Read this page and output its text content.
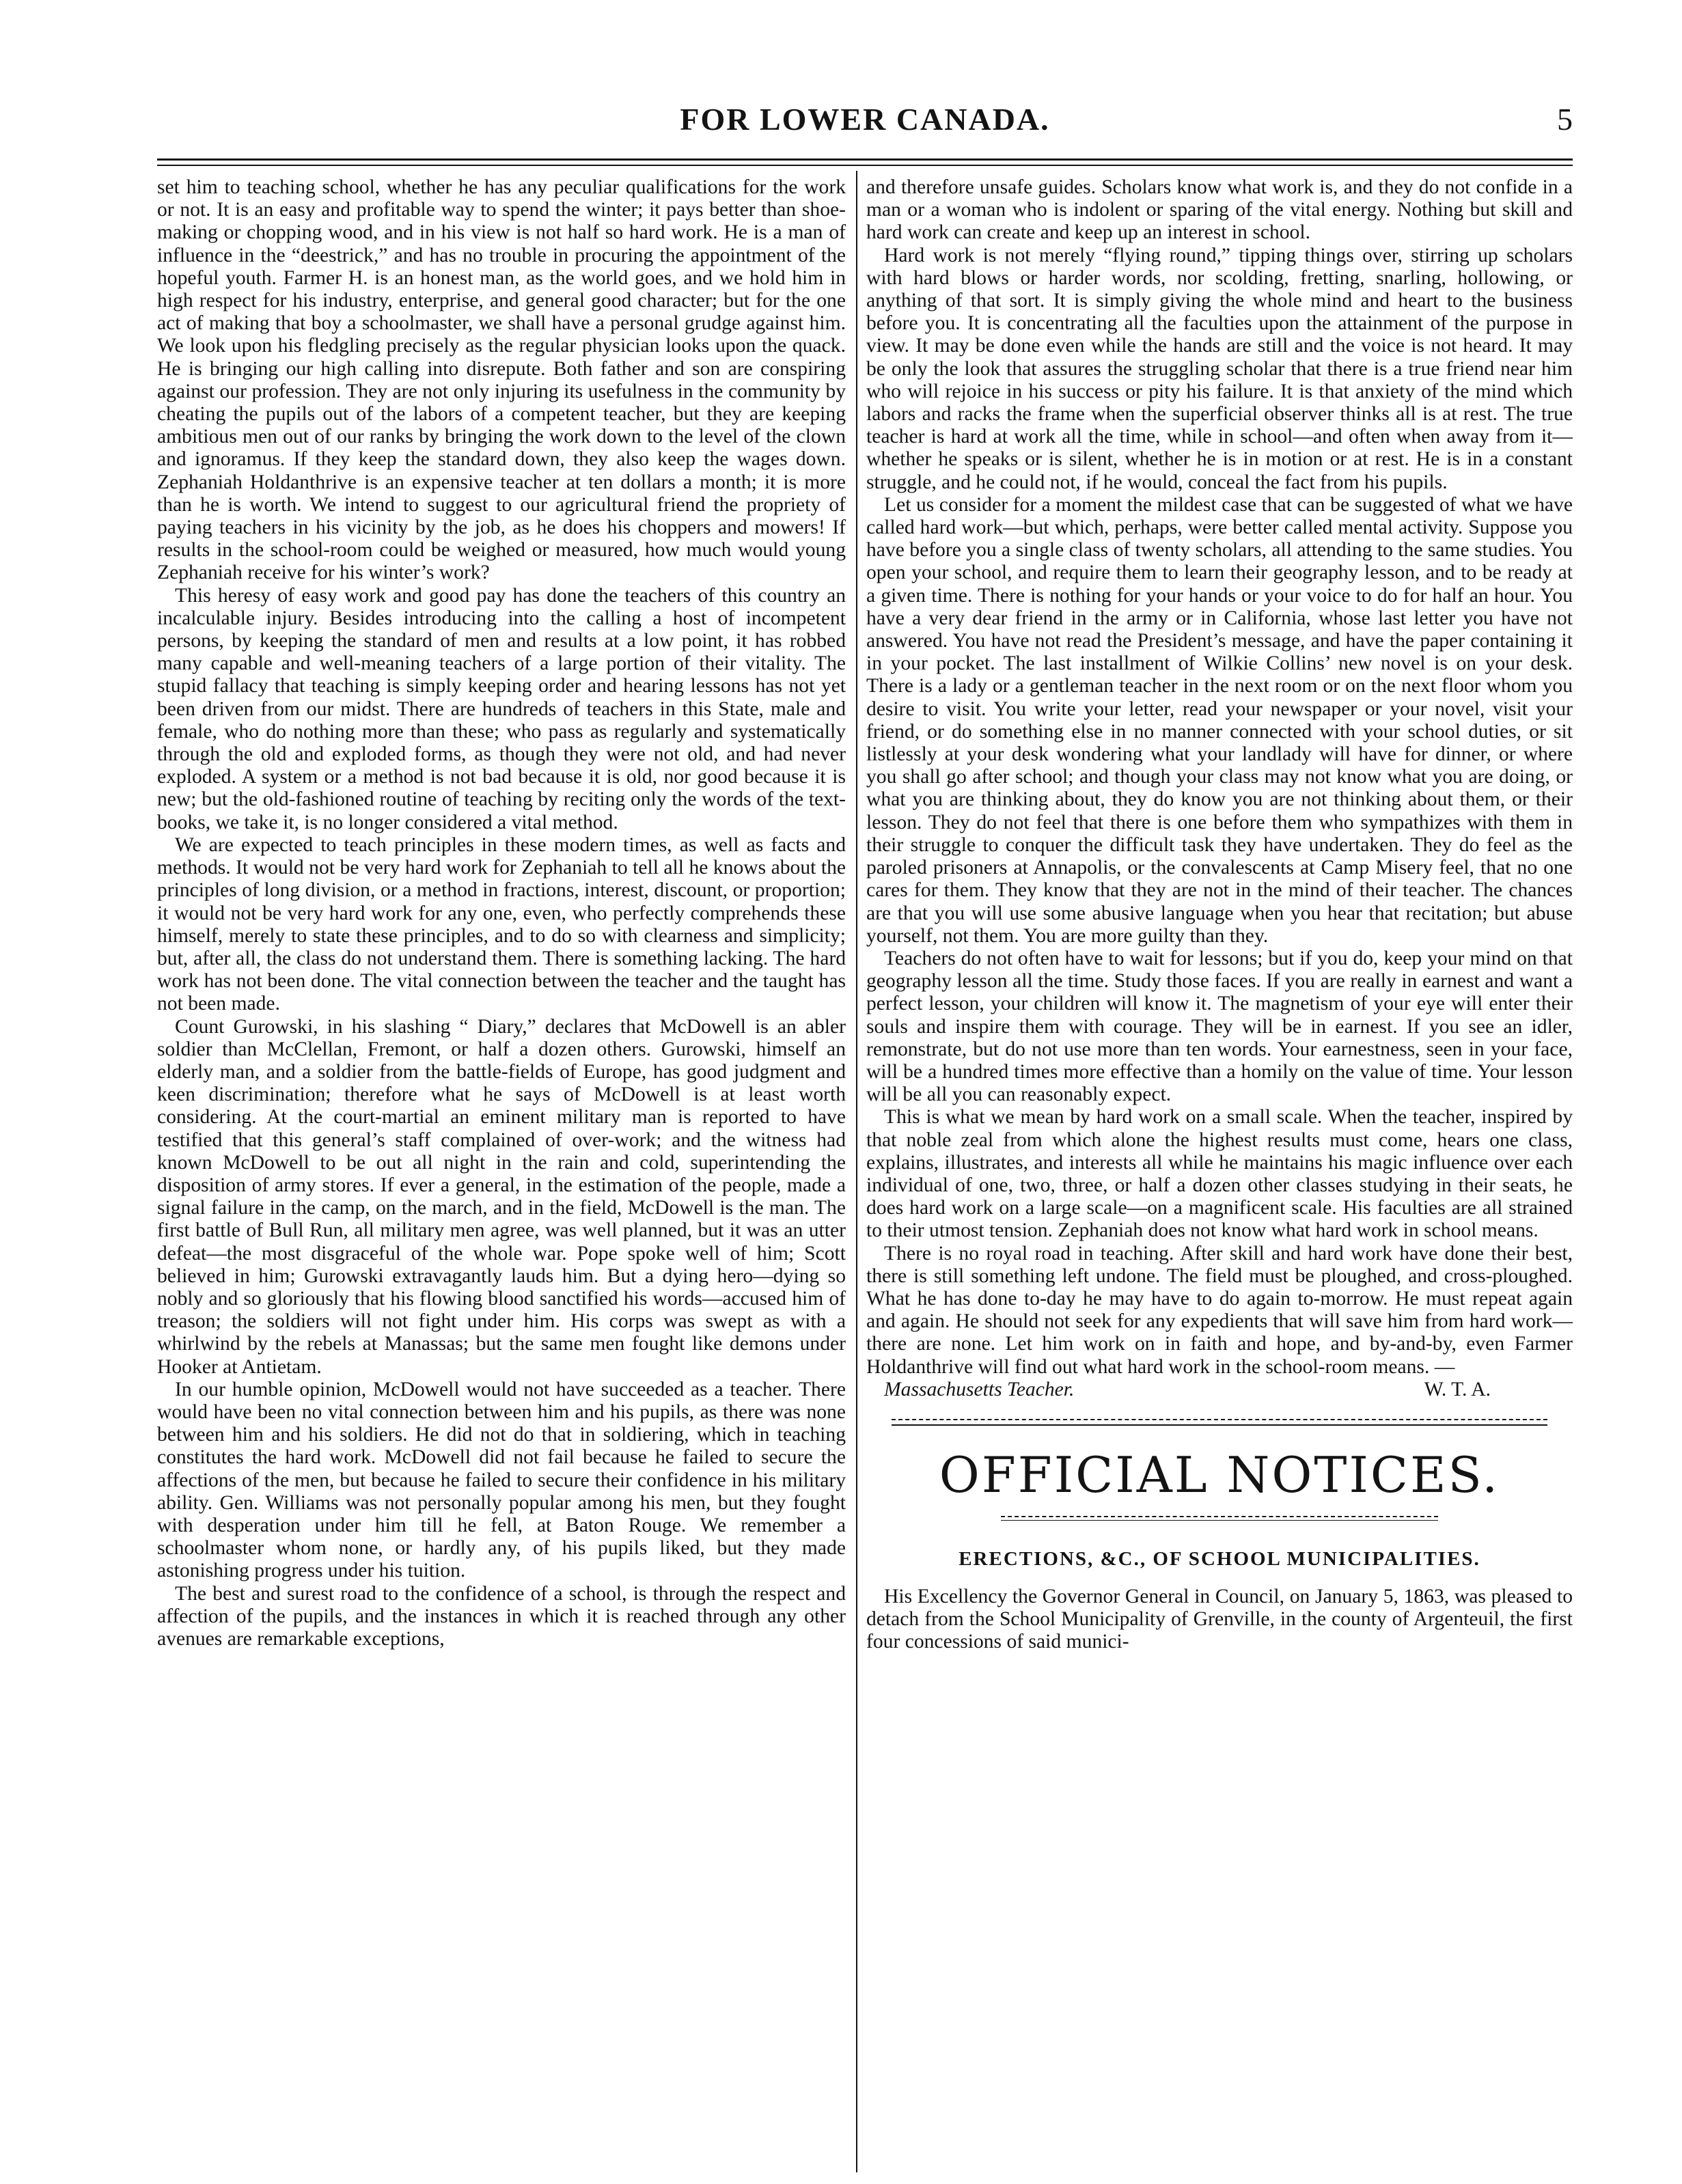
FOR LOWER CANADA.	5

set him to teaching school, whether he has any peculiar qualifications for the work or not. It is an easy and profitable way to spend the winter; it pays better than shoe-making or chopping wood, and in his view is not half so hard work. He is a man of influence in the “deestrick,” and has no trouble in procuring the appointment of the hopeful youth. Farmer H. is an honest man, as the world goes, and we hold him in high respect for his industry, enterprise, and general good character; but for the one act of making that boy a schoolmaster, we shall have a personal grudge against him. We look upon his fledgling precisely as the regular physician looks upon the quack. He is bringing our high calling into disrepute. Both father and son are conspiring against our profession. They are not only injuring its usefulness in the community by cheating the pupils out of the labors of a competent teacher, but they are keeping ambitious men out of our ranks by bringing the work down to the level of the clown and ignoramus. If they keep the standard down, they also keep the wages down. Zephaniah Holdanthrive is an expensive teacher at ten dollars a month; it is more than he is worth. We intend to suggest to our agricultural friend the propriety of paying teachers in his vicinity by the job, as he does his choppers and mowers! If results in the school-room could be weighed or measured, how much would young Zephaniah receive for his winter’s work?

This heresy of easy work and good pay has done the teachers of this country an incalculable injury. Besides introducing into the calling a host of incompetent persons, by keeping the standard of men and results at a low point, it has robbed many capable and well-meaning teachers of a large portion of their vitality. The stupid fallacy that teaching is simply keeping order and hearing lessons has not yet been driven from our midst. There are hundreds of teachers in this State, male and female, who do nothing more than these; who pass as regularly and systematically through the old and exploded forms, as though they were not old, and had never exploded. A system or a method is not bad because it is old, nor good because it is new; but the old-fashioned routine of teaching by reciting only the words of the text-books, we take it, is no longer considered a vital method.

We are expected to teach principles in these modern times, as well as facts and methods. It would not be very hard work for Zephaniah to tell all he knows about the principles of long division, or a method in fractions, interest, discount, or proportion; it would not be very hard work for any one, even, who perfectly comprehends these himself, merely to state these principles, and to do so with clearness and simplicity; but, after all, the class do not understand them. There is something lacking. The hard work has not been done. The vital connection between the teacher and the taught has not been made.

Count Gurowski, in his slashing “ Diary,” declares that McDowell is an abler soldier than McClellan, Fremont, or half a dozen others. Gurowski, himself an elderly man, and a soldier from the battle-fields of Europe, has good judgment and keen discrimination; therefore what he says of McDowell is at least worth considering. At the court-martial an eminent military man is reported to have testified that this general’s staff complained of over-work; and the witness had known McDowell to be out all night in the rain and cold, superintending the disposition of army stores. If ever a general, in the estimation of the people, made a signal failure in the camp, on the march, and in the field, McDowell is the man. The first battle of Bull Run, all military men agree, was well planned, but it was an utter defeat—the most disgraceful of the whole war. Pope spoke well of him; Scott believed in him; Gurowski extravagantly lauds him. But a dying hero—dying so nobly and so gloriously that his flowing blood sanctified his words—accused him of treason; the soldiers will not fight under him. His corps was swept as with a whirlwind by the rebels at Manassas; but the same men fought like demons under Hooker at Antietam.

In our humble opinion, McDowell would not have succeeded as a teacher. There would have been no vital connection between him and his pupils, as there was none between him and his soldiers. He did not do that in soldiering, which in teaching constitutes the hard work. McDowell did not fail because he failed to secure the affections of the men, but because he failed to secure their confidence in his military ability. Gen. Williams was not personally popular among his men, but they fought with desperation under him till he fell, at Baton Rouge. We remember a schoolmaster whom none, or hardly any, of his pupils liked, but they made astonishing progress under his tuition.

The best and surest road to the confidence of a school, is through the respect and affection of the pupils, and the instances in which it is reached through any other avenues are remarkable exceptions,

and therefore unsafe guides. Scholars know what work is, and they do not confide in a man or a woman who is indolent or sparing of the vital energy. Nothing but skill and hard work can create and keep up an interest in school.

Hard work is not merely “flying round,” tipping things over, stirring up scholars with hard blows or harder words, nor scolding, fretting, snarling, hollowing, or anything of that sort. It is simply giving the whole mind and heart to the business before you. It is concentrating all the faculties upon the attainment of the purpose in view. It may be done even while the hands are still and the voice is not heard. It may be only the look that assures the struggling scholar that there is a true friend near him who will rejoice in his success or pity his failure. It is that anxiety of the mind which labors and racks the frame when the superficial observer thinks all is at rest. The true teacher is hard at work all the time, while in school—and often when away from it—whether he speaks or is silent, whether he is in motion or at rest. He is in a constant struggle, and he could not, if he would, conceal the fact from his pupils.

Let us consider for a moment the mildest case that can be suggested of what we have called hard work—but which, perhaps, were better called mental activity. Suppose you have before you a single class of twenty scholars, all attending to the same studies. You open your school, and require them to learn their geography lesson, and to be ready at a given time. There is nothing for your hands or your voice to do for half an hour. You have a very dear friend in the army or in California, whose last letter you have not answered. You have not read the President’s message, and have the paper containing it in your pocket. The last installment of Wilkie Collins’ new novel is on your desk. There is a lady or a gentleman teacher in the next room or on the next floor whom you desire to visit. You write your letter, read your newspaper or your novel, visit your friend, or do something else in no manner connected with your school duties, or sit listlessly at your desk wondering what your landlady will have for dinner, or where you shall go after school; and though your class may not know what you are doing, or what you are thinking about, they do know you are not thinking about them, or their lesson. They do not feel that there is one before them who sympathizes with them in their struggle to conquer the difficult task they have undertaken. They do feel as the paroled prisoners at Annapolis, or the convalescents at Camp Misery feel, that no one cares for them. They know that they are not in the mind of their teacher. The chances are that you will use some abusive language when you hear that recitation; but abuse yourself, not them. You are more guilty than they.

Teachers do not often have to wait for lessons; but if you do, keep your mind on that geography lesson all the time. Study those faces. If you are really in earnest and want a perfect lesson, your children will know it. The magnetism of your eye will enter their souls and inspire them with courage. They will be in earnest. If you see an idler, remonstrate, but do not use more than ten words. Your earnestness, seen in your face, will be a hundred times more effective than a homily on the value of time. Your lesson will be all you can reasonably expect.

This is what we mean by hard work on a small scale. When the teacher, inspired by that noble zeal from which alone the highest results must come, hears one class, explains, illustrates, and interests all while he maintains his magic influence over each individual of one, two, three, or half a dozen other classes studying in their seats, he does hard work on a large scale—on a magnificent scale. His faculties are all strained to their utmost tension. Zephaniah does not know what hard work in school means.

There is no royal road in teaching. After skill and hard work have done their best, there is still something left undone. The field must be ploughed, and cross-ploughed. What he has done to-day he may have to do again to-morrow. He must repeat again and again. He should not seek for any expedients that will save him from hard work—there are none. Let him work on in faith and hope, and by-and-by, even Farmer Holdanthrive will find out what hard work in the school-room means. —

Massachusetts Teacher.	W. T. A.
OFFICIAL NOTICES.
ERECTIONS, &C., OF SCHOOL MUNICIPALITIES.

His Excellency the Governor General in Council, on January 5, 1863, was pleased to detach from the School Municipality of Grenville, in the county of Argenteuil, the first four concessions of said munici-
